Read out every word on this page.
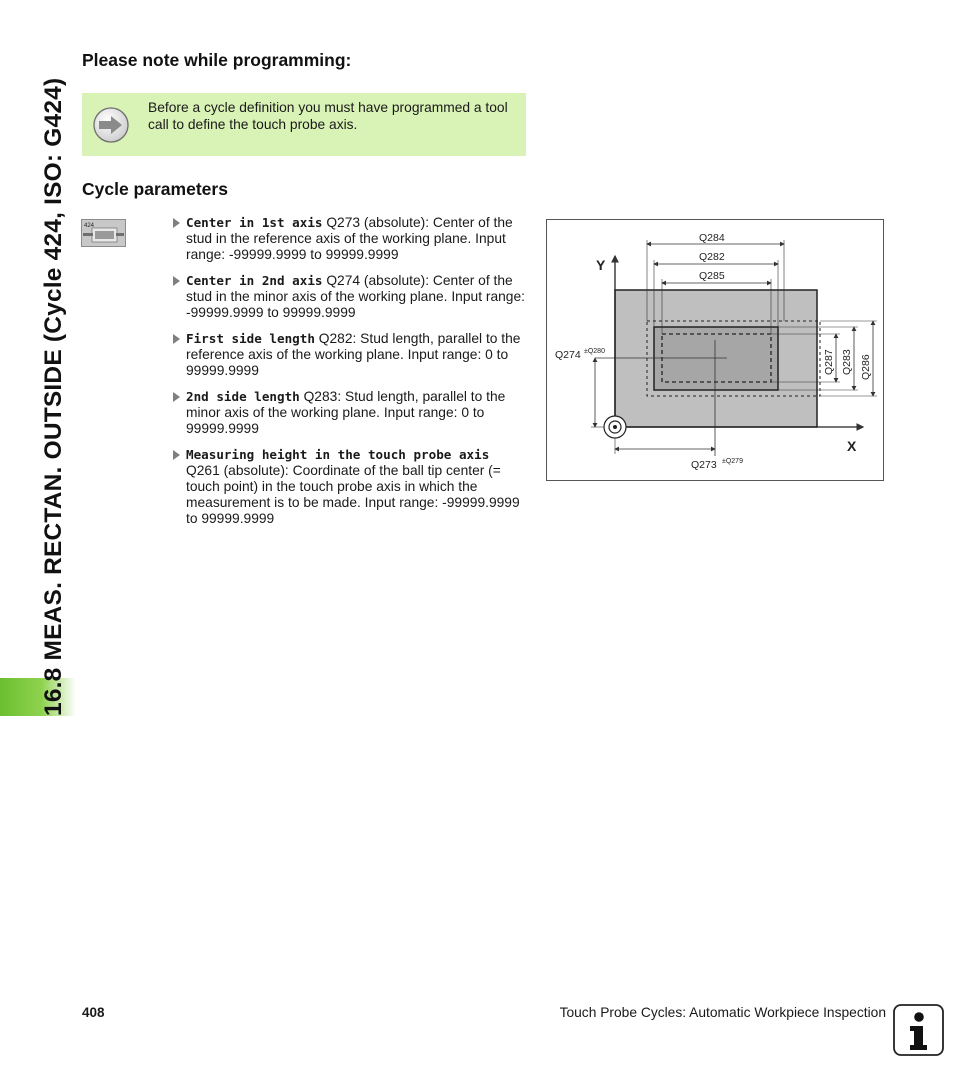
16.8 MEAS. RECTAN. OUTSIDE (Cycle 424, ISO: G424)
Please note while programming:
Before a cycle definition you must have programmed a tool call to define the touch probe axis.
Cycle parameters
424	Center in 1st axis Q273 (absolute): Center of the stud in the reference axis of the working plane. Input range: -99999.9999 to 99999.9999
Center in 2nd axis Q274 (absolute): Center of the stud in the minor axis of the working plane. Input range: -99999.9999 to 99999.9999
First side length Q282: Stud length, parallel to the reference axis of the working plane. Input range: 0 to 99999.9999
2nd side length Q283: Stud length, parallel to the minor axis of the working plane. Input range: 0 to 99999.9999
Measuring height in the touch probe axis Q261 (absolute): Coordinate of the ball tip center (= touch point) in the touch probe axis in which the measurement is to be made. Input range: -99999.9999 to 99999.9999
Q284
Q282
Q285
Q287 Q283 Q286
Q274 ±Q280
Q273 ±Q279
Y
X
408	Touch Probe Cycles: Automatic Workpiece Inspection
